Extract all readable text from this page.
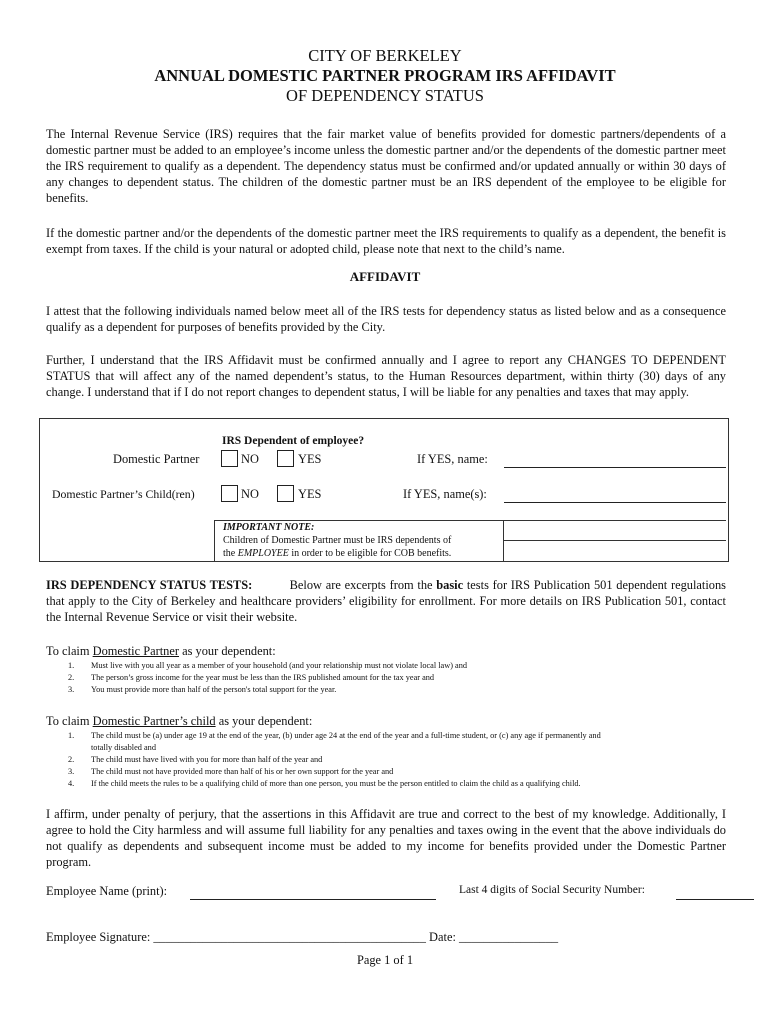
CITY OF BERKELEY
ANNUAL DOMESTIC PARTNER PROGRAM IRS AFFIDAVIT
OF DEPENDENCY STATUS
The Internal Revenue Service (IRS) requires that the fair market value of benefits provided for domestic partners/dependents of a domestic partner must be added to an employee’s income unless the domestic partner and/or the dependents of the domestic partner meet the IRS requirement to qualify as a dependent. The dependency status must be confirmed and/or updated annually or within 30 days of any changes to dependent status. The children of the domestic partner must be an IRS dependent of the employee to be eligible for benefits.
If the domestic partner and/or the dependents of the domestic partner meet the IRS requirements to qualify as a dependent, the benefit is exempt from taxes. If the child is your natural or adopted child, please note that next to the child’s name.
AFFIDAVIT
I attest that the following individuals named below meet all of the IRS tests for dependency status as listed below and as a consequence qualify as a dependent for purposes of benefits provided by the City.
Further, I understand that the IRS Affidavit must be confirmed annually and I agree to report any CHANGES TO DEPENDENT STATUS that will affect any of the named dependent’s status, to the Human Resources department, within thirty (30) days of any change. I understand that if I do not report changes to dependent status, I will be liable for any penalties and taxes that may apply.
IRS Dependent of employee?
Domestic Partner	NO	YES	If YES, name:
Domestic Partner’s Child(ren)	NO	YES	If YES, name(s):
IMPORTANT NOTE:
Children of Domestic Partner must be IRS dependents of
the EMPLOYEE in order to be eligible for COB benefits.
IRS DEPENDENCY STATUS TESTS:	Below are excerpts from the basic tests for IRS Publication 501 dependent regulations that apply to the City of Berkeley and healthcare providers’ eligibility for enrollment. For more details on IRS Publication 501, contact the Internal Revenue Service or visit their website.
To claim Domestic Partner as your dependent:
1.	Must live with you all year as a member of your household (and your relationship must not violate local law) and
2.	The person’s gross income for the year must be less than the IRS published amount for the tax year and
3.	You must provide more than half of the person's total support for the year.
To claim Domestic Partner’s child as your dependent:
1.	The child must be (a) under age 19 at the end of the year, (b) under age 24 at the end of the year and a full-time student, or (c) any age if permanently and
totally disabled and
2.	The child must have lived with you for more than half of the year and
3.	The child must not have provided more than half of his or her own support for the year and
4.	If the child meets the rules to be a qualifying child of more than one person, you must be the person entitled to claim the child as a qualifying child.
I affirm, under penalty of perjury, that the assertions in this Affidavit are true and correct to the best of my knowledge. Additionally, I agree to hold the City harmless and will assume full liability for any penalties and taxes owing in the event that the above individuals do not qualify as dependents and subsequent income must be added to my income for benefits provided under the Domestic Partner program.
Employee Name (print):	Last 4 digits of Social Security Number:
Employee Signature: ____________________________________________ Date: ________________
Page 1 of 1
